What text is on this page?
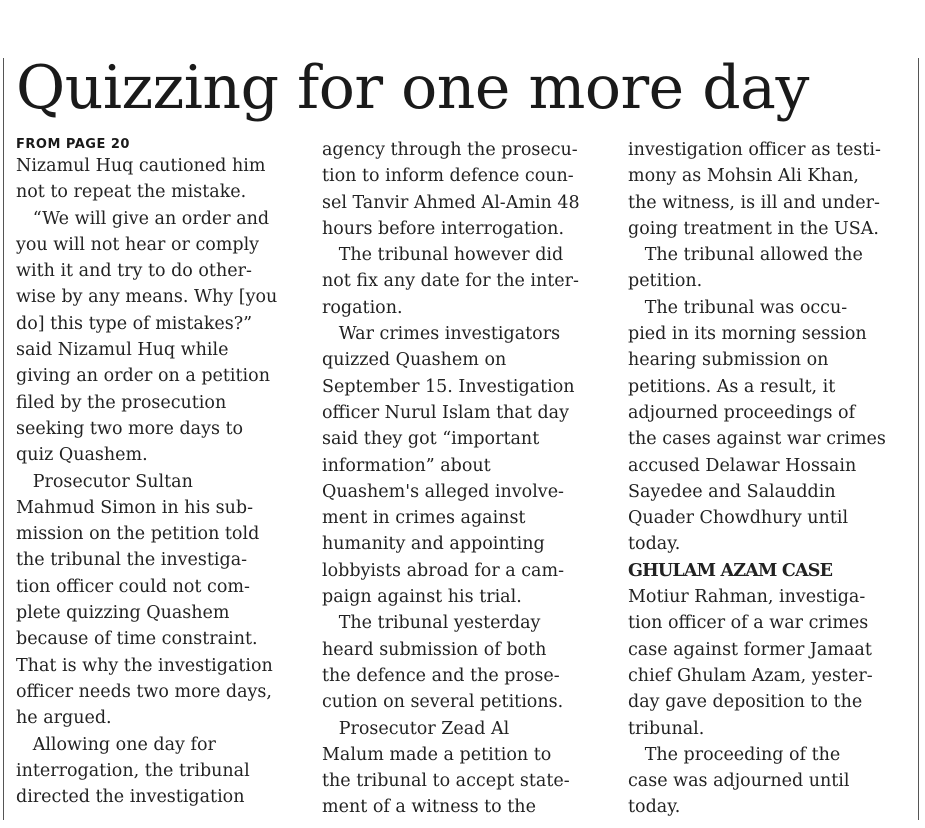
Quizzing for one more day
FROM PAGE 20
Nizamul Huq cautioned him
not to repeat the mistake.
“We will give an order and
you will not hear or comply
with it and try to do other-
wise by any means. Why [you
do] this type of mistakes?”
said Nizamul Huq while
giving an order on a petition
filed by the prosecution
seeking two more days to
quiz Quashem.
Prosecutor Sultan
Mahmud Simon in his sub-
mission on the petition told
the tribunal the investiga-
tion officer could not com-
plete quizzing Quashem
because of time constraint.
That is why the investigation
officer needs two more days,
he argued.
Allowing one day for
interrogation, the tribunal
directed the investigation
agency through the prosecu-
tion to inform defence coun-
sel Tanvir Ahmed Al-Amin 48
hours before interrogation.
The tribunal however did
not fix any date for the inter-
rogation.
War crimes investigators
quizzed Quashem on
September 15. Investigation
officer Nurul Islam that day
said they got “important
information” about
Quashem's alleged involve-
ment in crimes against
humanity and appointing
lobbyists abroad for a cam-
paign against his trial.
The tribunal yesterday
heard submission of both
the defence and the prose-
cution on several petitions.
Prosecutor Zead Al
Malum made a petition to
the tribunal to accept state-
ment of a witness to the
investigation officer as testi-
mony as Mohsin Ali Khan,
the witness, is ill and under-
going treatment in the USA.
The tribunal allowed the
petition.
The tribunal was occu-
pied in its morning session
hearing submission on
petitions. As a result, it
adjourned proceedings of
the cases against war crimes
accused Delawar Hossain
Sayedee and Salauddin
Quader Chowdhury until
today.
GHULAM AZAM CASE
Motiur Rahman, investiga-
tion officer of a war crimes
case against former Jamaat
chief Ghulam Azam, yester-
day gave deposition to the
tribunal.
The proceeding of the
case was adjourned until
today.
